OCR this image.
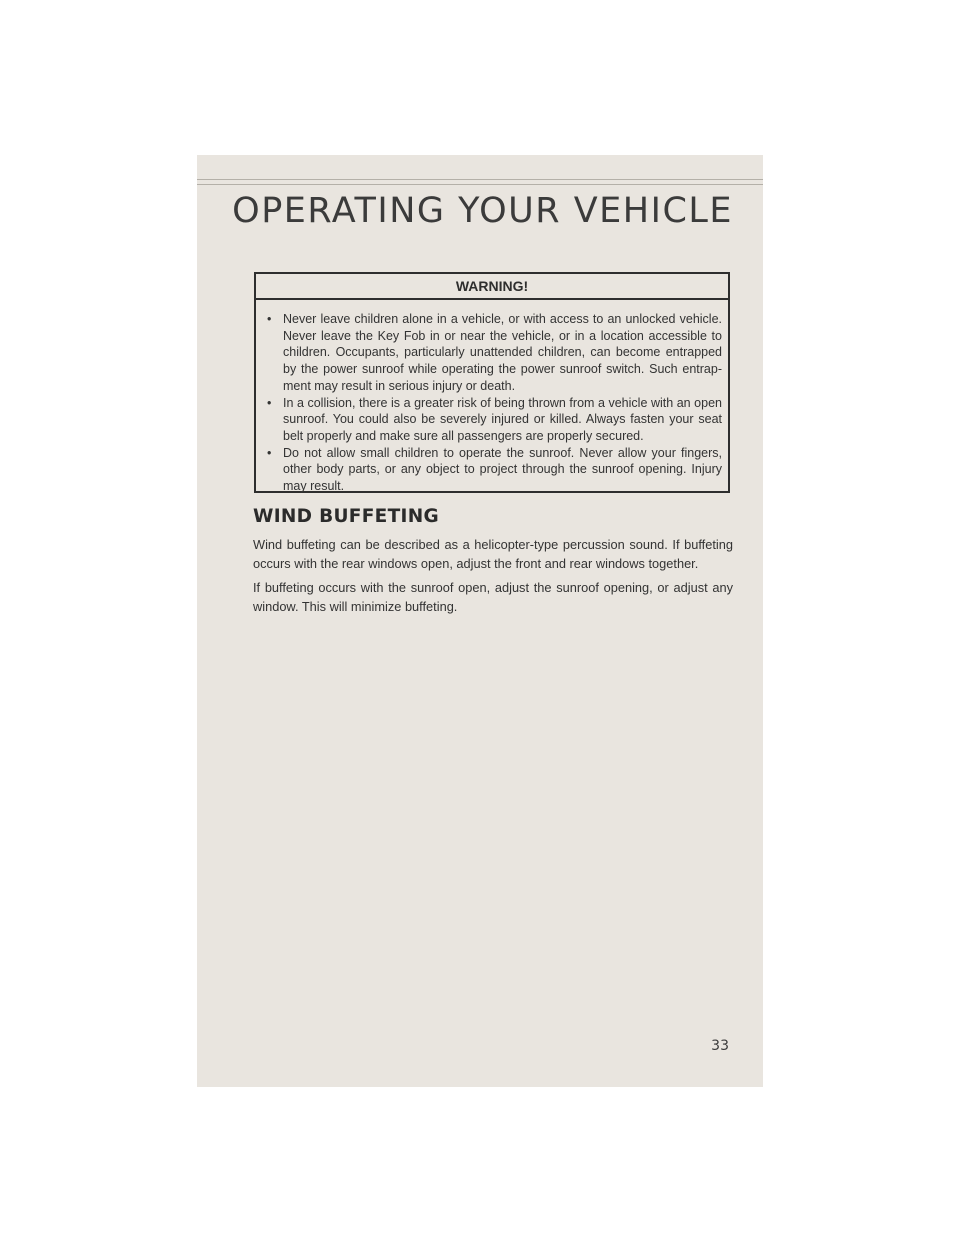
OPERATING YOUR VEHICLE
WARNING!
• Never leave children alone in a vehicle, or with access to an unlocked vehicle. Never leave the Key Fob in or near the vehicle, or in a location accessible to children. Occupants, particularly unattended children, can become entrapped by the power sunroof while operating the power sunroof switch. Such entrap-ment may result in serious injury or death.
• In a collision, there is a greater risk of being thrown from a vehicle with an open sunroof. You could also be severely injured or killed. Always fasten your seat belt properly and make sure all passengers are properly secured.
• Do not allow small children to operate the sunroof. Never allow your fingers, other body parts, or any object to project through the sunroof opening. Injury may result.
WIND BUFFETING

Wind buffeting can be described as a helicopter-type percussion sound. If buffeting occurs with the rear windows open, adjust the front and rear windows together.

If buffeting occurs with the sunroof open, adjust the sunroof opening, or adjust any window. This will minimize buffeting.

33
